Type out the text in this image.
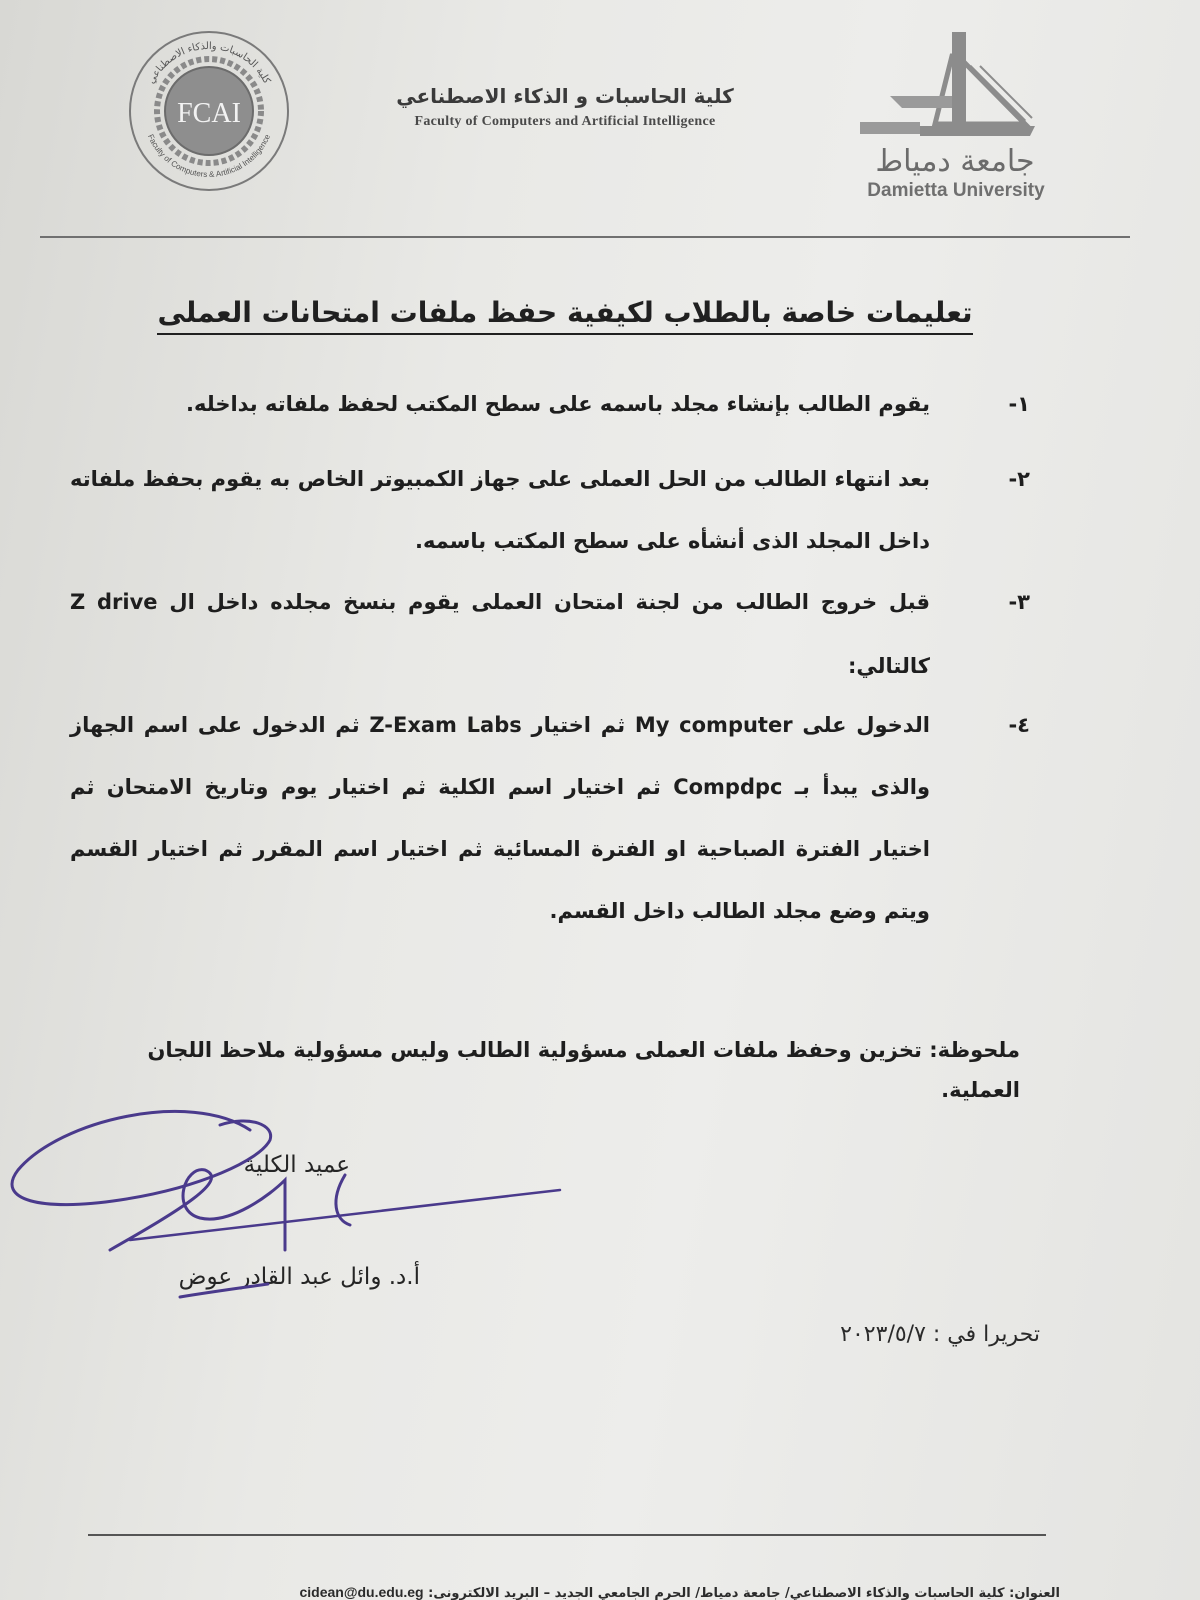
FCAI
كلية الحاسبات والذكاء الاصطناعي
Faculty of Computers & Artificial Intelligence
كلية الحاسبات و الذكاء الاصطناعي
Faculty of Computers and Artificial Intelligence
جامعة دمياط
Damietta University
تعليمات خاصة بالطلاب لكيفية حفظ ملفات امتحانات العملى
١-
يقوم الطالب بإنشاء مجلد باسمه على سطح المكتب لحفظ ملفاته بداخله.
٢-
بعد انتهاء الطالب من الحل العملى على جهاز الكمبيوتر الخاص به يقوم بحفظ ملفاته داخل المجلد الذى أنشأه على سطح المكتب باسمه.
٣-
قبل خروج الطالب من لجنة امتحان العملى يقوم بنسخ مجلده داخل ال Z drive كالتالي:
٤-
الدخول على My computer ثم اختيار Z-Exam Labs ثم الدخول على اسم الجهاز والذى يبدأ بـ Compdpc ثم اختيار اسم الكلية ثم اختيار يوم وتاريخ الامتحان ثم اختيار الفترة الصباحية او الفترة المسائية ثم اختيار اسم المقرر ثم اختيار القسم ويتم وضع مجلد الطالب داخل القسم.
ملحوظة: تخزين وحفظ ملفات العملى مسؤولية الطالب وليس مسؤولية ملاحظ اللجان العملية.
عميد الكلية
أ.د. وائل عبد القادر عوض
تحريرا في : ٢٠٢٣/٥/٧
العنوان: كلية الحاسبات والذكاء الاصطناعي/ جامعة دمياط/ الحرم الجامعي الجديد – البريد الالكترونى: cidean@du.edu.eg
